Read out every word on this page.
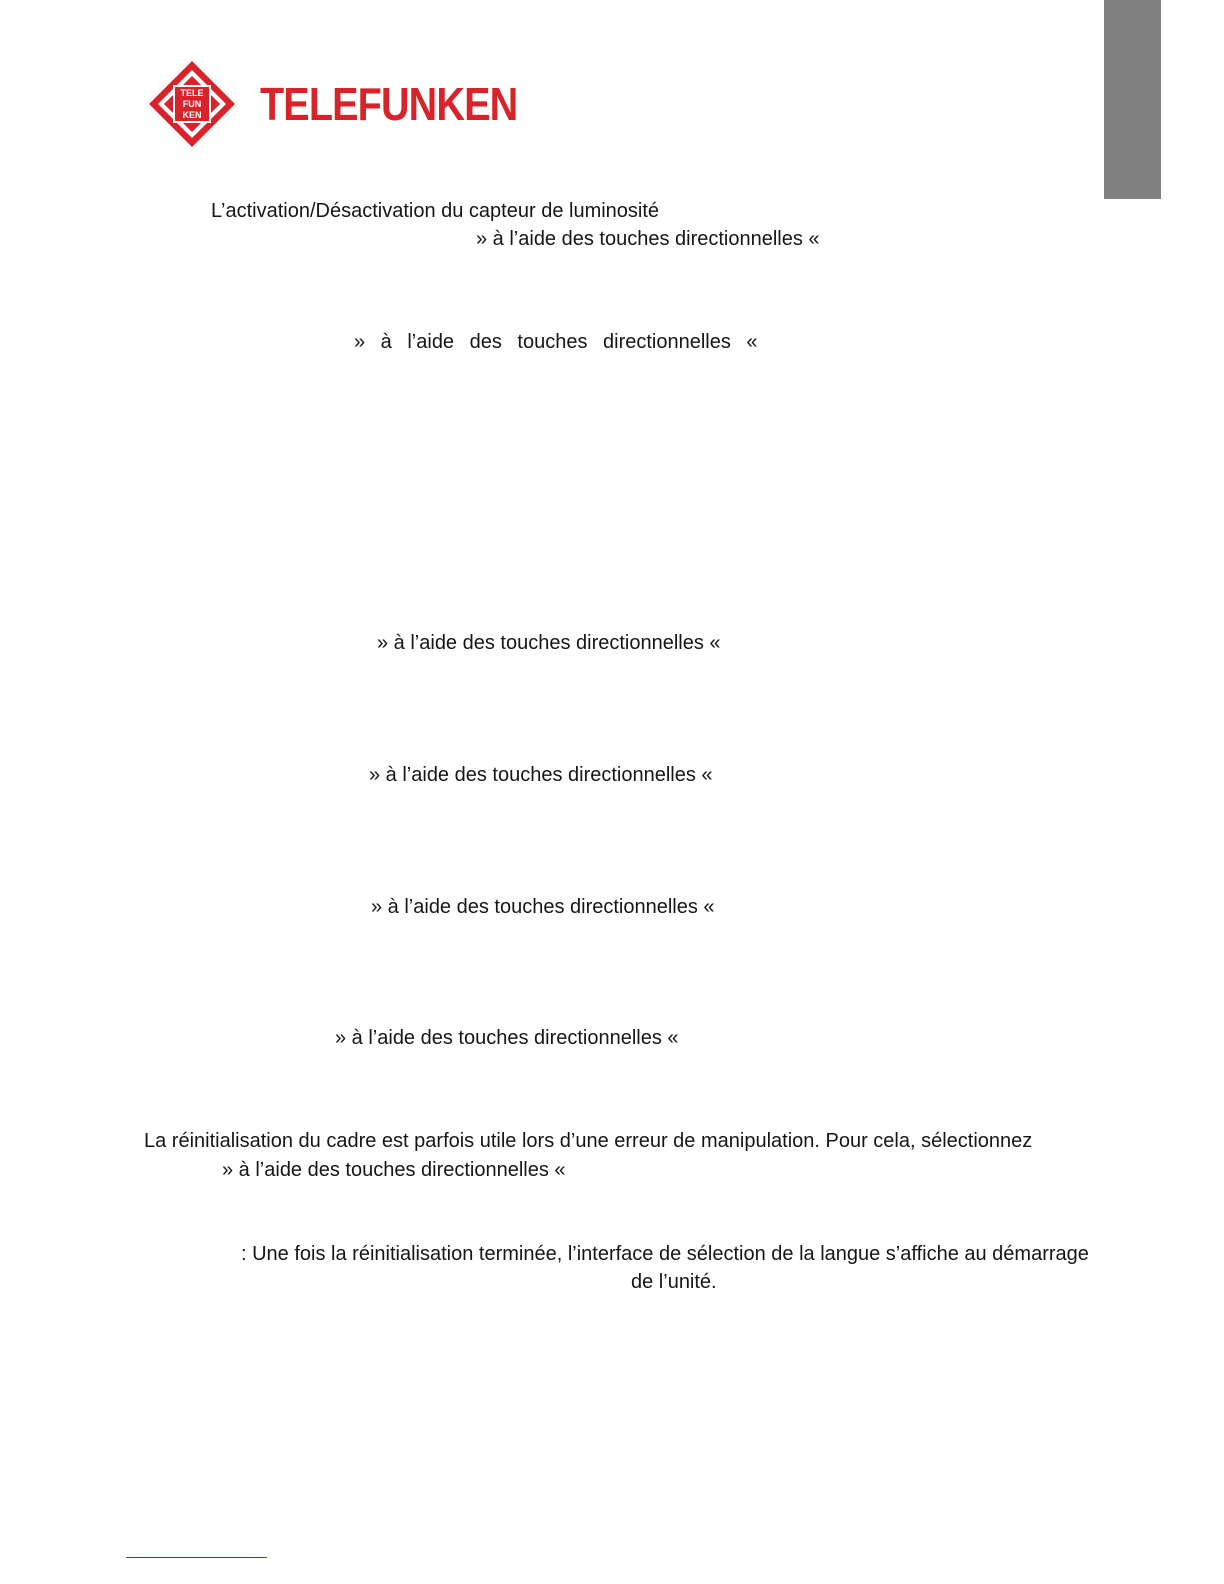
TELE
FUN
KEN TELEFUNKEN
L’activation/Désactivation du capteur de luminosité
» à l’aide des touches directionnelles «
» à l’aide des touches directionnelles «
» à l’aide des touches directionnelles «
» à l’aide des touches directionnelles «
» à l’aide des touches directionnelles «
» à l’aide des touches directionnelles «
La réinitialisation du cadre est parfois utile lors d’une erreur de manipulation. Pour cela, sélectionnez
» à l’aide des touches directionnelles «
: Une fois la réinitialisation terminée, l’interface de sélection de la langue s’affiche au démarrage
de l’unité.
